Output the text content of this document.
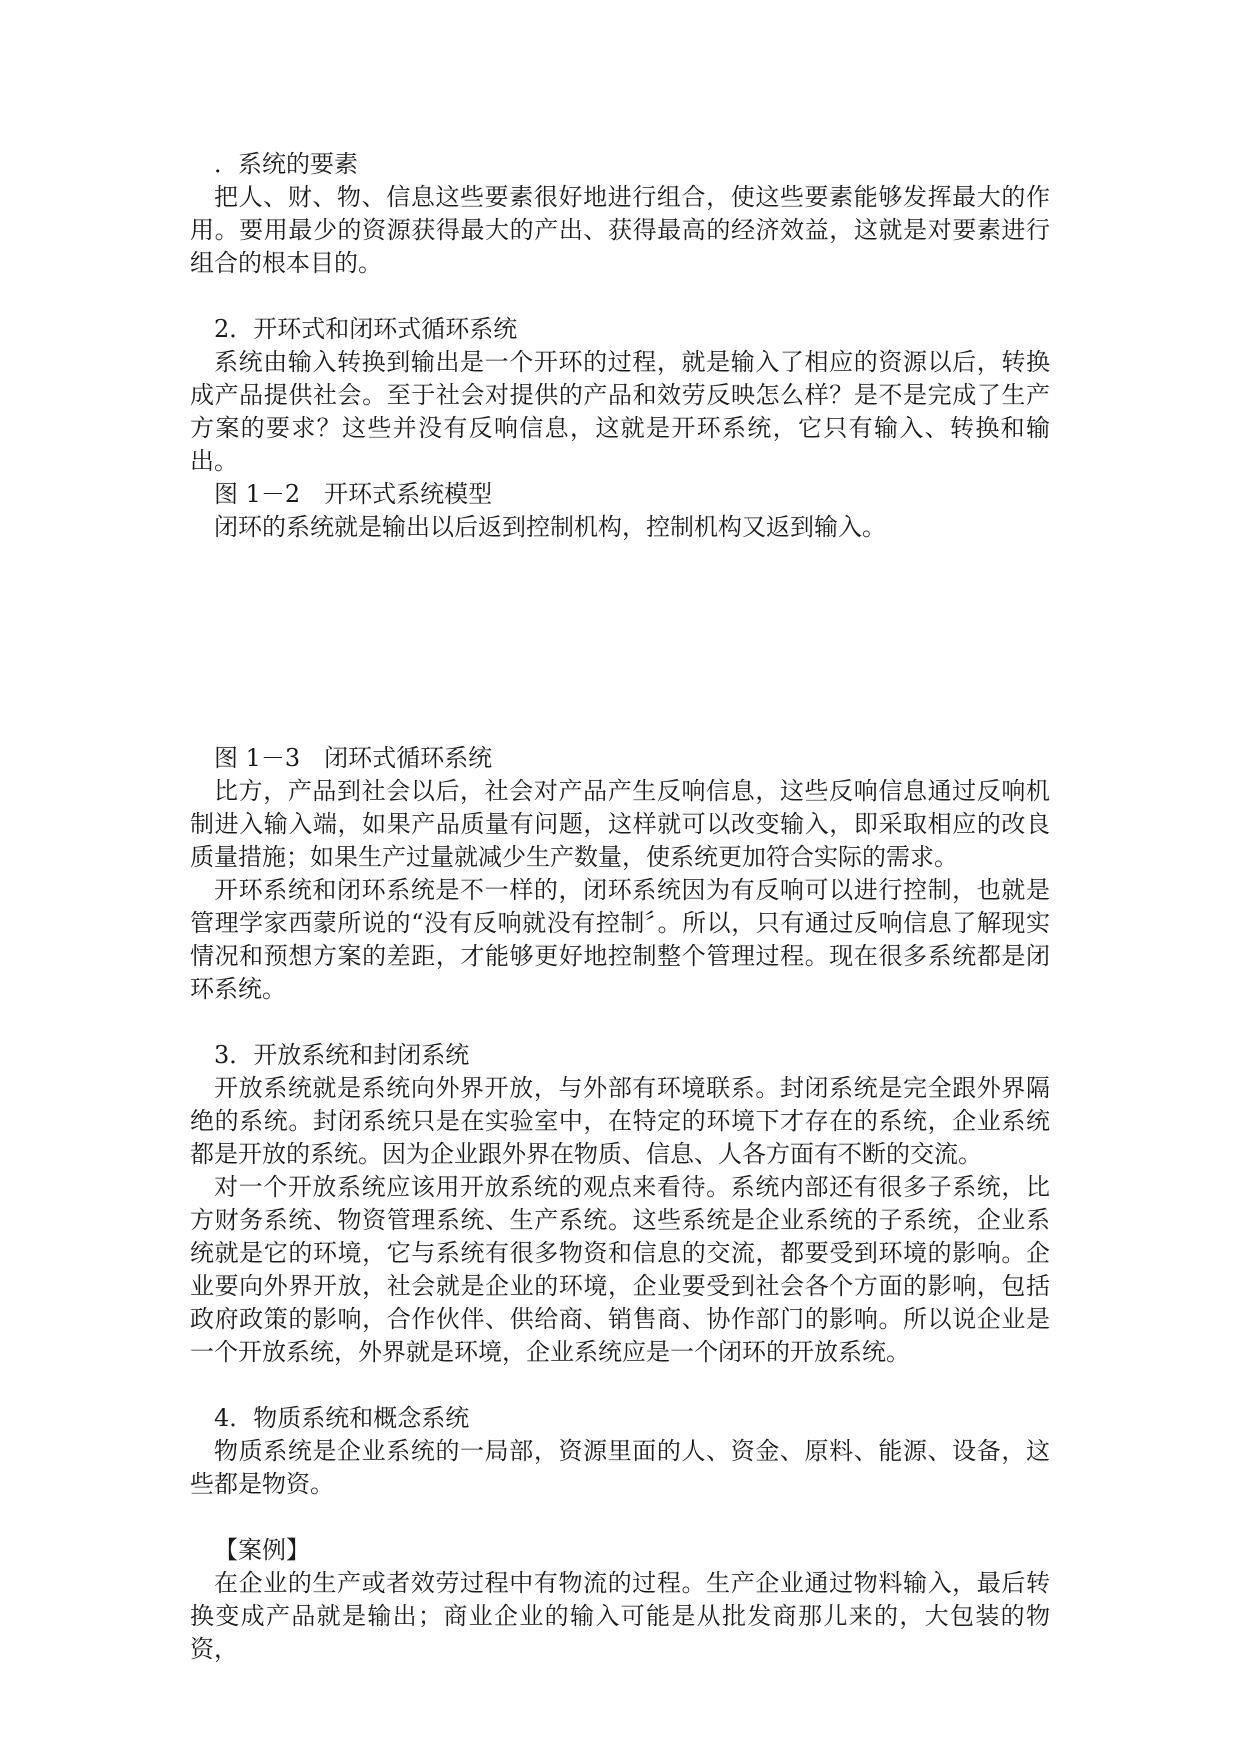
．系统的要素

把人、财、物、信息这些要素很好地进行组合，使这些要素能够发挥最大的作用。要用最少的资源获得最大的产出、获得最高的经济效益，这就是对要素进行组合的根本目的。

2．开环式和闭环式循环系统

系统由输入转换到输出是一个开环的过程，就是输入了相应的资源以后，转换成产品提供社会。至于社会对提供的产品和效劳反映怎么样？是不是完成了生产方案的要求？这些并没有反响信息，这就是开环系统，它只有输入、转换和输出。

图 1－2　开环式系统模型

闭环的系统就是输出以后返到控制机构，控制机构又返到输入。

图 1－3　闭环式循环系统

比方，产品到社会以后，社会对产品产生反响信息，这些反响信息通过反响机制进入输入端，如果产品质量有问题，这样就可以改变输入，即采取相应的改良质量措施；如果生产过量就减少生产数量，使系统更加符合实际的需求。

开环系统和闭环系统是不一样的，闭环系统因为有反响可以进行控制，也就是管理学家西蒙所说的“没有反响就没有控制〞。所以，只有通过反响信息了解现实情况和预想方案的差距，才能够更好地控制整个管理过程。现在很多系统都是闭环系统。

3．开放系统和封闭系统

开放系统就是系统向外界开放，与外部有环境联系。封闭系统是完全跟外界隔绝的系统。封闭系统只是在实验室中，在特定的环境下才存在的系统，企业系统都是开放的系统。因为企业跟外界在物质、信息、人各方面有不断的交流。

对一个开放系统应该用开放系统的观点来看待。系统内部还有很多子系统，比方财务系统、物资管理系统、生产系统。这些系统是企业系统的子系统，企业系统就是它的环境，它与系统有很多物资和信息的交流，都要受到环境的影响。企业要向外界开放，社会就是企业的环境，企业要受到社会各个方面的影响，包括政府政策的影响，合作伙伴、供给商、销售商、协作部门的影响。所以说企业是一个开放系统，外界就是环境，企业系统应是一个闭环的开放系统。

4．物质系统和概念系统

物质系统是企业系统的一局部，资源里面的人、资金、原料、能源、设备，这些都是物资。

【案例】

在企业的生产或者效劳过程中有物流的过程。生产企业通过物料输入，最后转换变成产品就是输出；商业企业的输入可能是从批发商那儿来的，大包装的物资，
